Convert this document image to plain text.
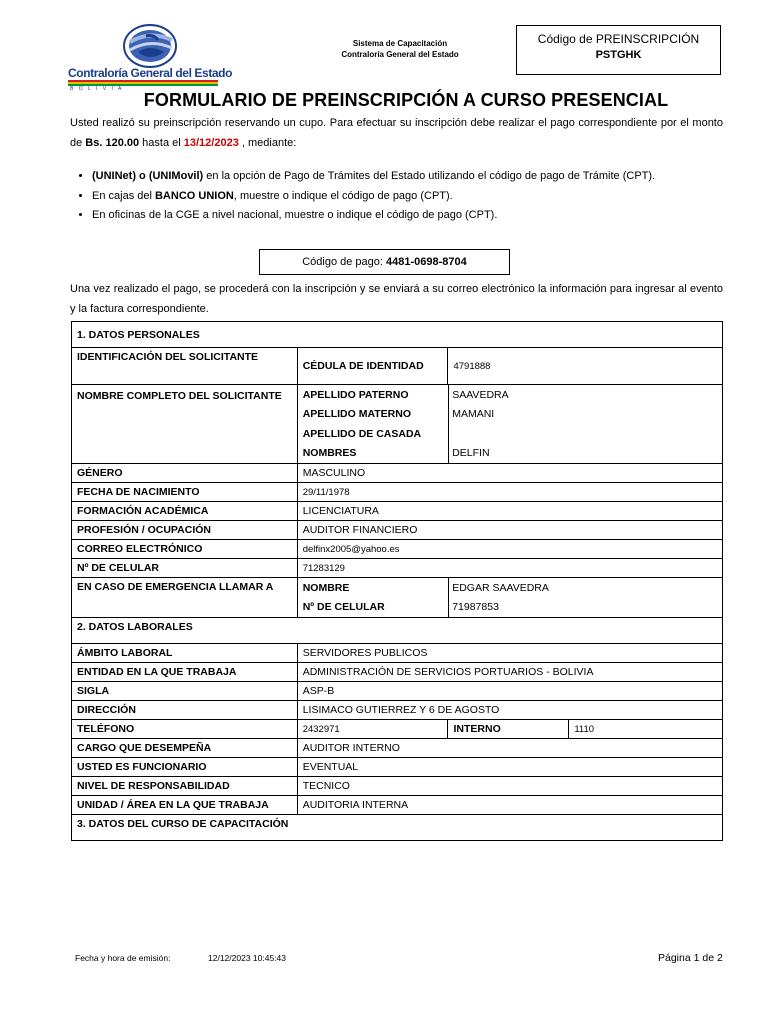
Contraloría General del Estado
B O L I V I A
Sistema de Capacitación
Contraloría General del Estado
Código de PREINSCRIPCIÓN
PSTGHK
FORMULARIO DE PREINSCRIPCIÓN A CURSO PRESENCIAL
Usted realizó su preinscripción reservando un cupo. Para efectuar su inscripción debe realizar el pago correspondiente por el monto de Bs. 120.00 hasta el 13/12/2023 , mediante:
• (UNINet) o (UNIMovil) en la opción de Pago de Trámites del Estado utilizando el código de pago de Trámite (CPT).
• En cajas del BANCO UNION, muestre o indique el código de pago (CPT).
• En oficinas de la CGE a nivel nacional, muestre o indique el código de pago (CPT).
Código de pago: 4481-0698-8704
Una vez realizado el pago, se procederá con la inscripción y se enviará a su correo electrónico la información para ingresar al evento y la factura correspondiente.
1. DATOS PERSONALES
IDENTIFICACIÓN DEL SOLICITANTE	CÉDULA DE IDENTIDAD	4791888
NOMBRE COMPLETO DEL SOLICITANTE	APELLIDO PATERNO	SAAVEDRA
APELLIDO MATERNO	MAMANI
APELLIDO DE CASADA	
NOMBRES	DELFIN

GÉNERO	MASCULINO
FECHA DE NACIMIENTO	29/11/1978
FORMACIÓN ACADÉMICA	LICENCIATURA
PROFESIÓN / OCUPACIÓN	AUDITOR FINANCIERO
CORREO ELECTRÓNICO	delfinx2005@yahoo.es
Nº DE CELULAR	71283129
EN CASO DE EMERGENCIA LLAMAR A		NOMBRE	EDGAR SAAVEDRA
Nº DE CELULAR	71987853

2. DATOS LABORALES
ÁMBITO LABORAL	SERVIDORES PUBLICOS
ENTIDAD EN LA QUE TRABAJA	ADMINISTRACIÓN DE SERVICIOS PORTUARIOS - BOLIVIA
SIGLA	ASP-B
DIRECCIÓN	LISIMACO GUTIERREZ Y 6 DE AGOSTO
TELÉFONO	2432971	INTERNO	1110
CARGO QUE DESEMPEÑA	AUDITOR INTERNO
USTED ES FUNCIONARIO	EVENTUAL
NIVEL DE RESPONSABILIDAD	TECNICO
UNIDAD / ÁREA EN LA QUE TRABAJA	AUDITORIA INTERNA
3. DATOS DEL CURSO DE CAPACITACIÓN
Fecha y hora de emisión:	12/12/2023 10:45:43	Página 1 de 2
